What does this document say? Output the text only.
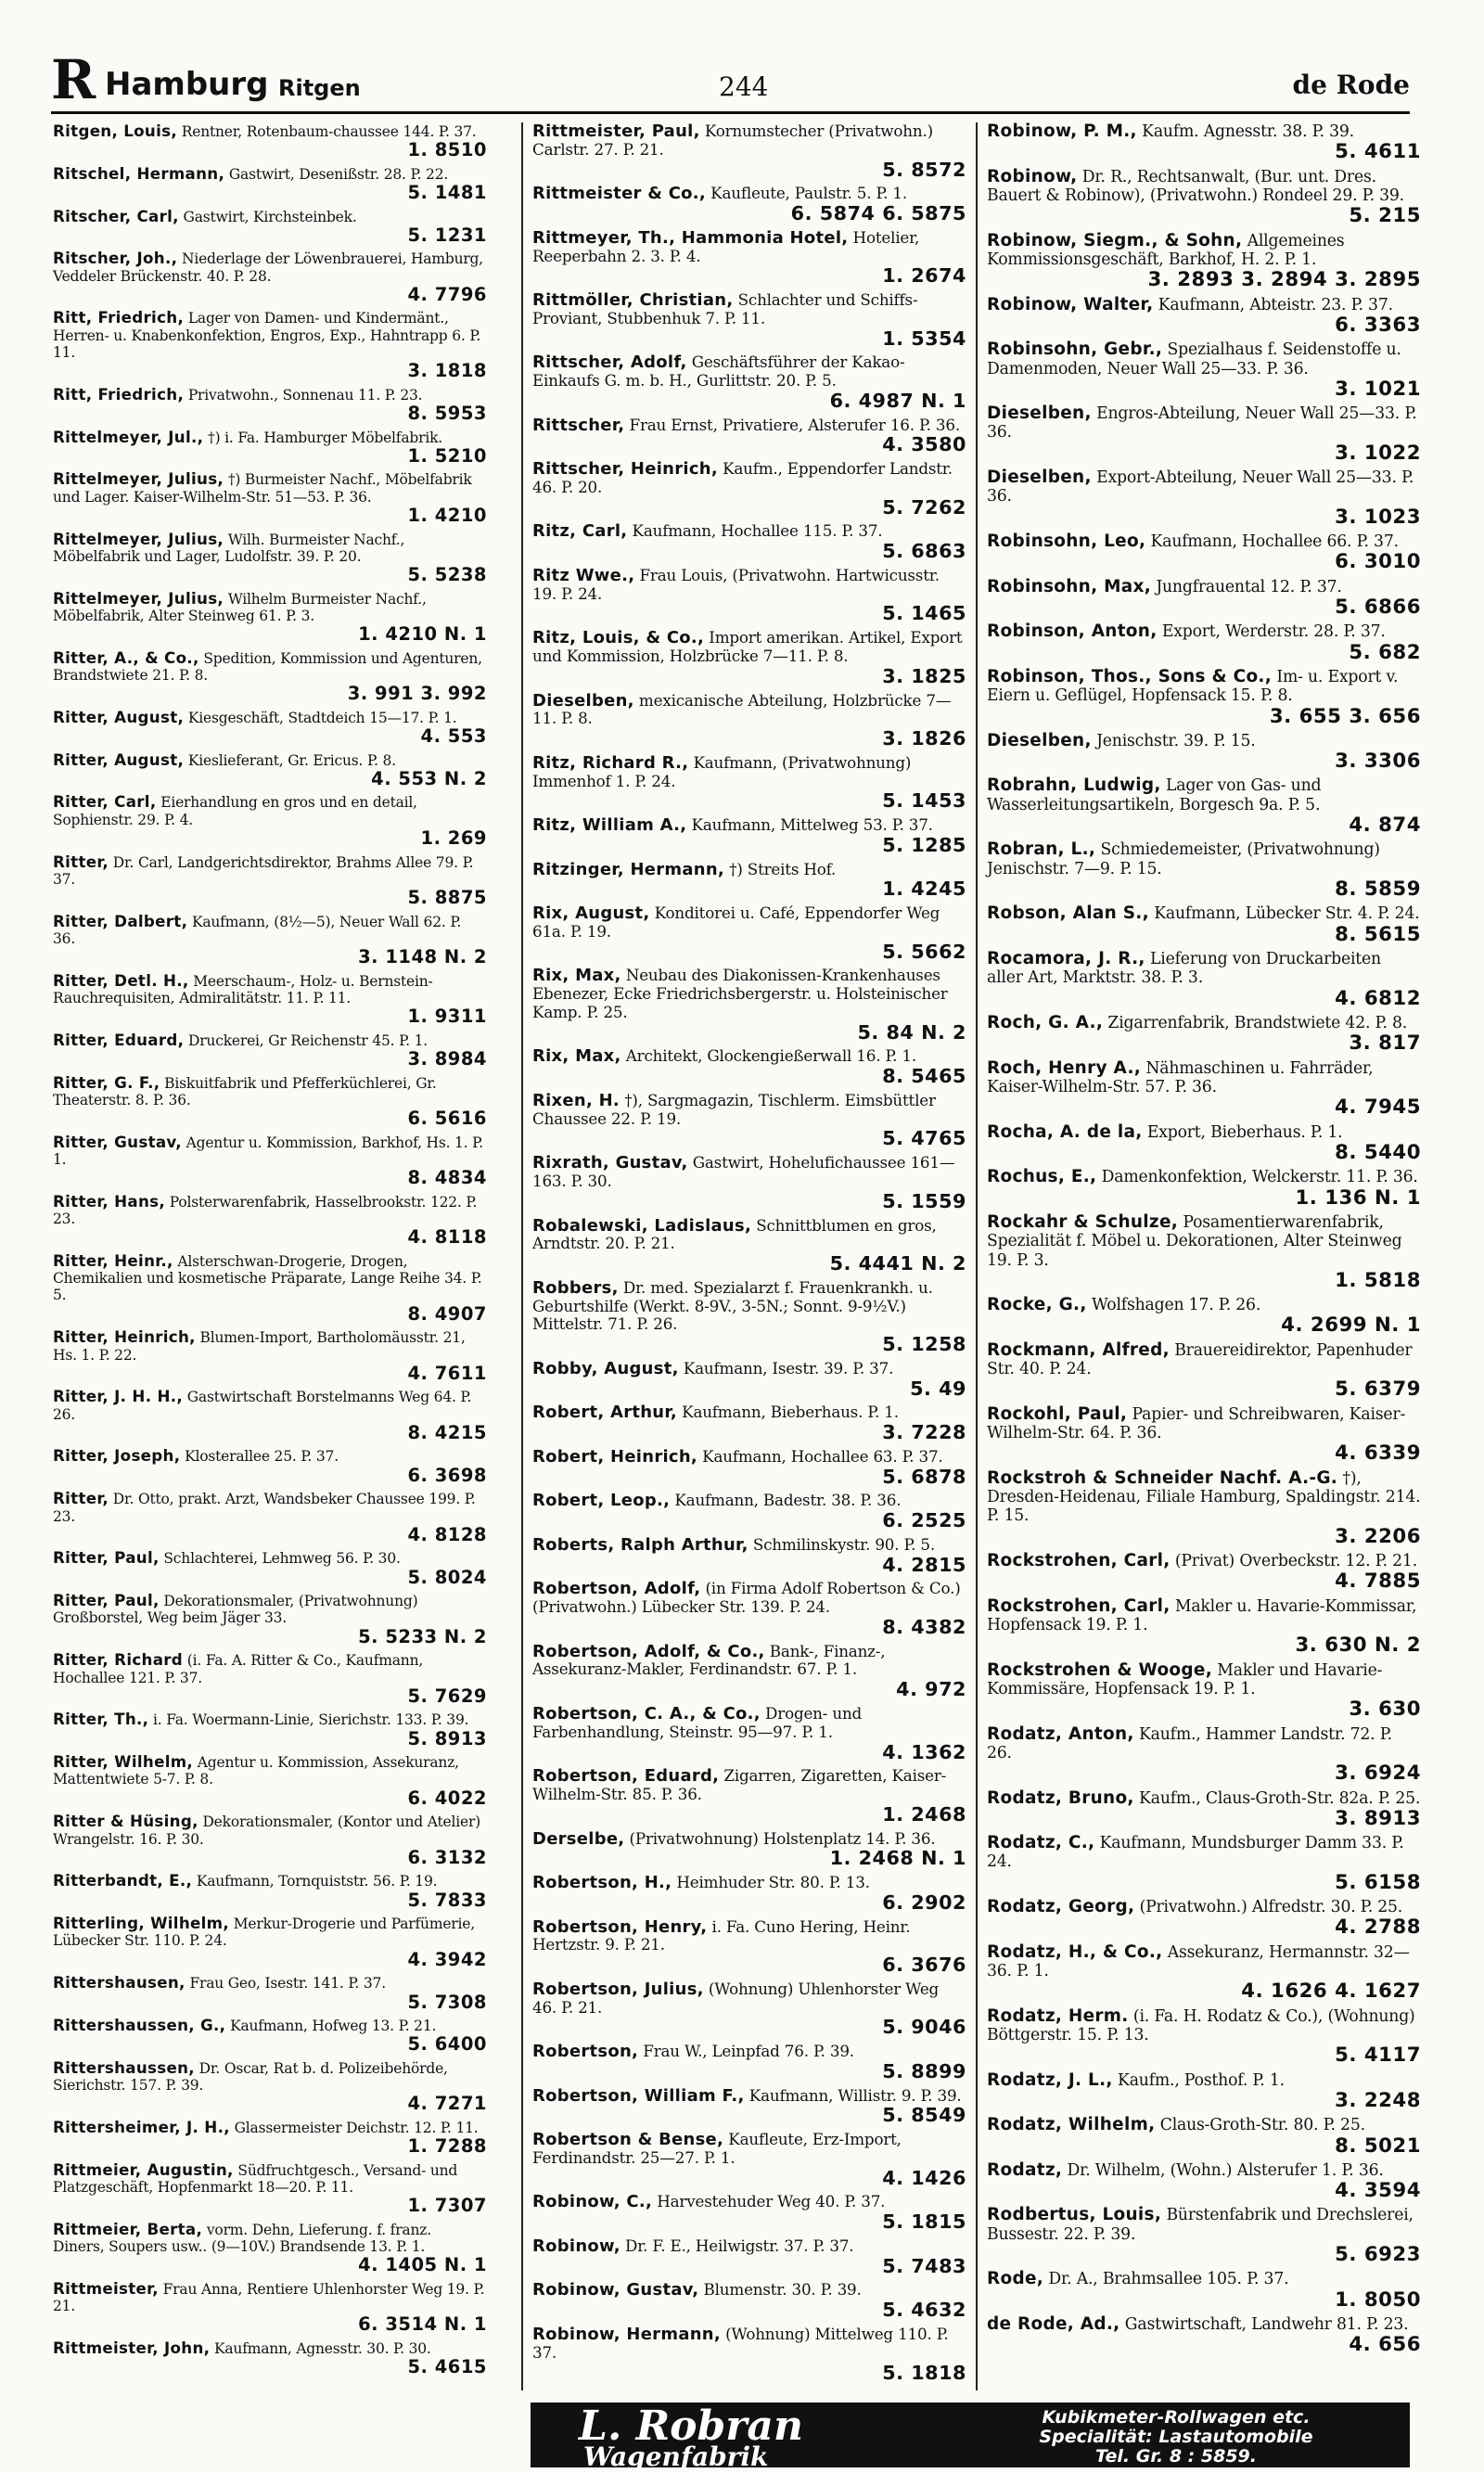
R Hamburg Ritgen	244	de Rode
Ritgen, Louis, Rentner, Rotenbaum-chaussee 144. P. 37.
1. 8510
Ritschel, Hermann, Gastwirt, Desenißstr. 28. P. 22.
5. 1481
Ritscher, Carl, Gastwirt, Kirchsteinbek.
5. 1231
Ritscher, Joh., Niederlage der Löwenbrauerei, Hamburg, Veddeler Brückenstr. 40. P. 28.
4. 7796
Ritt, Friedrich, Lager von Damen- und Kindermänt., Herren- u. Knabenkonfektion, Engros, Exp., Hahntrapp 6. P. 11.
3. 1818
Ritt, Friedrich, Privatwohn., Sonnenau 11. P. 23.
8. 5953
Rittelmeyer, Jul., †) i. Fa. Hamburger Möbelfabrik.
1. 5210
Rittelmeyer, Julius, †) Burmeister Nachf., Möbelfabrik und Lager. Kaiser-Wilhelm-Str. 51—53. P. 36.
1. 4210
Rittelmeyer, Julius, Wilh. Burmeister Nachf., Möbelfabrik und Lager, Ludolfstr. 39. P. 20.
5. 5238
Rittelmeyer, Julius, Wilhelm Burmeister Nachf., Möbelfabrik, Alter Steinweg 61. P. 3.
1. 4210 N. 1
Ritter, A., & Co., Spedition, Kommission und Agenturen, Brandstwiete 21. P. 8.
3. 991 3. 992
Ritter, August, Kiesgeschäft, Stadtdeich 15—17. P. 1.
4. 553
Ritter, August, Kieslieferant, Gr. Ericus. P. 8.
4. 553 N. 2
Ritter, Carl, Eierhandlung en gros und en detail, Sophienstr. 29. P. 4.
1. 269
Ritter, Dr. Carl, Landgerichtsdirektor, Brahms Allee 79. P. 37.
5. 8875
Ritter, Dalbert, Kaufmann, (8½—5), Neuer Wall 62. P. 36.
3. 1148 N. 2
Ritter, Detl. H., Meerschaum-, Holz- u. Bernstein-Rauchrequisiten, Admiralitätstr. 11. P. 11.
1. 9311
Ritter, Eduard, Druckerei, Gr Reichenstr 45. P. 1.
3. 8984
Ritter, G. F., Biskuitfabrik und Pfefferküchlerei, Gr. Theaterstr. 8. P. 36.
6. 5616
Ritter, Gustav, Agentur u. Kommission, Barkhof, Hs. 1. P. 1.
8. 4834
Ritter, Hans, Polsterwarenfabrik, Hasselbrookstr. 122. P. 23.
4. 8118
Ritter, Heinr., Alsterschwan-Drogerie, Drogen, Chemikalien und kosmetische Präparate, Lange Reihe 34. P. 5.
8. 4907
Ritter, Heinrich, Blumen-Import, Bartholomäusstr. 21, Hs. 1. P. 22.
4. 7611
Ritter, J. H. H., Gastwirtschaft Borstelmanns Weg 64. P. 26.
8. 4215
Ritter, Joseph, Klosterallee 25. P. 37.
6. 3698
Ritter, Dr. Otto, prakt. Arzt, Wandsbeker Chaussee 199. P. 23.
4. 8128
Ritter, Paul, Schlachterei, Lehmweg 56. P. 30.
5. 8024
Ritter, Paul, Dekorationsmaler, (Privatwohnung) Großborstel, Weg beim Jäger 33.
5. 5233 N. 2
Ritter, Richard (i. Fa. A. Ritter & Co., Kaufmann, Hochallee 121. P. 37.
5. 7629
Ritter, Th., i. Fa. Woermann-Linie, Sierichstr. 133. P. 39.
5. 8913
Ritter, Wilhelm, Agentur u. Kommission, Assekuranz, Mattentwiete 5-7. P. 8.
6. 4022
Ritter & Hüsing, Dekorationsmaler, (Kontor und Atelier) Wrangelstr. 16. P. 30.
6. 3132
Ritterbandt, E., Kaufmann, Tornquiststr. 56. P. 19.
5. 7833
Ritterling, Wilhelm, Merkur-Drogerie und Parfümerie, Lübecker Str. 110. P. 24.
4. 3942
Rittershausen, Frau Geo, Isestr. 141. P. 37.
5. 7308
Rittershaussen, G., Kaufmann, Hofweg 13. P. 21.
5. 6400
Rittershaussen, Dr. Oscar, Rat b. d. Polizeibehörde, Sierichstr. 157. P. 39.
4. 7271
Rittersheimer, J. H., Glassermeister Deichstr. 12. P. 11.
1. 7288
Rittmeier, Augustin, Südfruchtgesch., Versand- und Platzgeschäft, Hopfenmarkt 18—20. P. 11.
1. 7307
Rittmeier, Berta, vorm. Dehn, Lieferung. f. franz. Diners, Soupers usw.. (9—10V.) Brandsende 13. P. 1.
4. 1405 N. 1
Rittmeister, Frau Anna, Rentiere Uhlenhorster Weg 19. P. 21.
6. 3514 N. 1
Rittmeister, John, Kaufmann, Agnesstr. 30. P. 30.
5. 4615
Rittmeister, Paul, Kornumstecher (Privatwohn.) Carlstr. 27. P. 21.
5. 8572
Rittmeister & Co., Kaufleute, Paulstr. 5. P. 1.
6. 5874 6. 5875
Rittmeyer, Th., Hammonia Hotel, Hotelier, Reeperbahn 2. 3. P. 4.
1. 2674
Rittmöller, Christian, Schlachter und Schiffs-Proviant, Stubbenhuk 7. P. 11.
1. 5354
Rittscher, Adolf, Geschäftsführer der Kakao-Einkaufs G. m. b. H., Gurlittstr. 20. P. 5.
6. 4987 N. 1
Rittscher, Frau Ernst, Privatiere, Alsterufer 16. P. 36.
4. 3580
Rittscher, Heinrich, Kaufm., Eppendorfer Landstr. 46. P. 20.
5. 7262
Ritz, Carl, Kaufmann, Hochallee 115. P. 37.
5. 6863
Ritz Wwe., Frau Louis, (Privatwohn. Hartwicusstr. 19. P. 24.
5. 1465
Ritz, Louis, & Co., Import amerikan. Artikel, Export und Kommission, Holzbrücke 7—11. P. 8.
3. 1825
Dieselben, mexicanische Abteilung, Holzbrücke 7—11. P. 8.
3. 1826
Ritz, Richard R., Kaufmann, (Privatwohnung) Immenhof 1. P. 24.
5. 1453
Ritz, William A., Kaufmann, Mittelweg 53. P. 37.
5. 1285
Ritzinger, Hermann, †) Streits Hof.
1. 4245
Rix, August, Konditorei u. Café, Eppendorfer Weg 61a. P. 19.
5. 5662
Rix, Max, Neubau des Diakonissen-Krankenhauses Ebenezer, Ecke Friedrichsbergerstr. u. Holsteinischer Kamp. P. 25.
5. 84 N. 2
Rix, Max, Architekt, Glockengießerwall 16. P. 1.
8. 5465
Rixen, H. †), Sargmagazin, Tischlerm. Eimsbüttler Chaussee 22. P. 19.
5. 4765
Rixrath, Gustav, Gastwirt, Hohelufichaussee 161—163. P. 30.
5. 1559
Robalewski, Ladislaus, Schnittblumen en gros, Arndtstr. 20. P. 21.
5. 4441 N. 2
Robbers, Dr. med. Spezialarzt f. Frauenkrankh. u. Geburtshilfe (Werkt. 8-9V., 3-5N.; Sonnt. 9-9½V.) Mittelstr. 71. P. 26.
5. 1258
Robby, August, Kaufmann, Isestr. 39. P. 37.
5. 49
Robert, Arthur, Kaufmann, Bieberhaus. P. 1.
3. 7228
Robert, Heinrich, Kaufmann, Hochallee 63. P. 37.
5. 6878
Robert, Leop., Kaufmann, Badestr. 38. P. 36.
6. 2525
Roberts, Ralph Arthur, Schmilinskystr. 90. P. 5.
4. 2815
Robertson, Adolf, (in Firma Adolf Robertson & Co.) (Privatwohn.) Lübecker Str. 139. P. 24.
8. 4382
Robertson, Adolf, & Co., Bank-, Finanz-, Assekuranz-Makler, Ferdinandstr. 67. P. 1.
4. 972
Robertson, C. A., & Co., Drogen- und Farbenhandlung, Steinstr. 95—97. P. 1.
4. 1362
Robertson, Eduard, Zigarren, Zigaretten, Kaiser-Wilhelm-Str. 85. P. 36.
1. 2468
Derselbe, (Privatwohnung) Holstenplatz 14. P. 36.
1. 2468 N. 1
Robertson, H., Heimhuder Str. 80. P. 13.
6. 2902
Robertson, Henry, i. Fa. Cuno Hering, Heinr. Hertzstr. 9. P. 21.
6. 3676
Robertson, Julius, (Wohnung) Uhlenhorster Weg 46. P. 21.
5. 9046
Robertson, Frau W., Leinpfad 76. P. 39.
5. 8899
Robertson, William F., Kaufmann, Willistr. 9. P. 39.
5. 8549
Robertson & Bense, Kaufleute, Erz-Import, Ferdinandstr. 25—27. P. 1.
4. 1426
Robinow, C., Harvestehuder Weg 40. P. 37.
5. 1815
Robinow, Dr. F. E., Heilwigstr. 37. P. 37.
5. 7483
Robinow, Gustav, Blumenstr. 30. P. 39.
5. 4632
Robinow, Hermann, (Wohnung) Mittelweg 110. P. 37.
5. 1818
Robinow, P. M., Kaufm. Agnesstr. 38. P. 39.
5. 4611
Robinow, Dr. R., Rechtsanwalt, (Bur. unt. Dres. Bauert & Robinow), (Privatwohn.) Rondeel 29. P. 39.
5. 215
Robinow, Siegm., & Sohn, Allgemeines Kommissionsgeschäft, Barkhof, H. 2. P. 1.
3. 2893 3. 2894 3. 2895
Robinow, Walter, Kaufmann, Abteistr. 23. P. 37.
6. 3363
Robinsohn, Gebr., Spezialhaus f. Seidenstoffe u. Damenmoden, Neuer Wall 25—33. P. 36.
3. 1021
Dieselben, Engros-Abteilung, Neuer Wall 25—33. P. 36.
3. 1022
Dieselben, Export-Abteilung, Neuer Wall 25—33. P. 36.
3. 1023
Robinsohn, Leo, Kaufmann, Hochallee 66. P. 37.
6. 3010
Robinsohn, Max, Jungfrauental 12. P. 37.
5. 6866
Robinson, Anton, Export, Werderstr. 28. P. 37.
5. 682
Robinson, Thos., Sons & Co., Im- u. Export v. Eiern u. Geflügel, Hopfensack 15. P. 8.
3. 655 3. 656
Dieselben, Jenischstr. 39. P. 15.
3. 3306
Robrahn, Ludwig, Lager von Gas- und Wasserleitungsartikeln, Borgesch 9a. P. 5.
4. 874
Robran, L., Schmiedemeister, (Privatwohnung) Jenischstr. 7—9. P. 15.
8. 5859
Robson, Alan S., Kaufmann, Lübecker Str. 4. P. 24.
8. 5615
Rocamora, J. R., Lieferung von Druckarbeiten aller Art, Marktstr. 38. P. 3.
4. 6812
Roch, G. A., Zigarrenfabrik, Brandstwiete 42. P. 8.
3. 817
Roch, Henry A., Nähmaschinen u. Fahrräder, Kaiser-Wilhelm-Str. 57. P. 36.
4. 7945
Rocha, A. de la, Export, Bieberhaus. P. 1.
8. 5440
Rochus, E., Damenkonfektion, Welckerstr. 11. P. 36.
1. 136 N. 1
Rockahr & Schulze, Posamentierwarenfabrik, Spezialität f. Möbel u. Dekorationen, Alter Steinweg 19. P. 3.
1. 5818
Rocke, G., Wolfshagen 17. P. 26.
4. 2699 N. 1
Rockmann, Alfred, Brauereidirektor, Papenhuder Str. 40. P. 24.
5. 6379
Rockohl, Paul, Papier- und Schreibwaren, Kaiser-Wilhelm-Str. 64. P. 36.
4. 6339
Rockstroh & Schneider Nachf. A.-G. †), Dresden-Heidenau, Filiale Hamburg, Spaldingstr. 214. P. 15.
3. 2206
Rockstrohen, Carl, (Privat) Overbeckstr. 12. P. 21.
4. 7885
Rockstrohen, Carl, Makler u. Havarie-Kommissar, Hopfensack 19. P. 1.
3. 630 N. 2
Rockstrohen & Wooge, Makler und Havarie-Kommissäre, Hopfensack 19. P. 1.
3. 630
Rodatz, Anton, Kaufm., Hammer Landstr. 72. P. 26.
3. 6924
Rodatz, Bruno, Kaufm., Claus-Groth-Str. 82a. P. 25.
3. 8913
Rodatz, C., Kaufmann, Mundsburger Damm 33. P. 24.
5. 6158
Rodatz, Georg, (Privatwohn.) Alfredstr. 30. P. 25.
4. 2788
Rodatz, H., & Co., Assekuranz, Hermannstr. 32—36. P. 1.
4. 1626 4. 1627
Rodatz, Herm. (i. Fa. H. Rodatz & Co.), (Wohnung) Böttgerstr. 15. P. 13.
5. 4117
Rodatz, J. L., Kaufm., Posthof. P. 1.
3. 2248
Rodatz, Wilhelm, Claus-Groth-Str. 80. P. 25.
8. 5021
Rodatz, Dr. Wilhelm, (Wohn.) Alsterufer 1. P. 36.
4. 3594
Rodbertus, Louis, Bürstenfabrik und Drechslerei, Bussestr. 22. P. 39.
5. 6923
Rode, Dr. A., Brahmsallee 105. P. 37.
1. 8050
de Rode, Ad., Gastwirtschaft, Landwehr 81. P. 23.
4. 656
L. Robran
Wagenfabrik
Kubikmeter-Rollwagen etc.
Specialität: Lastautomobile
Tel. Gr. 8 : 5859.
